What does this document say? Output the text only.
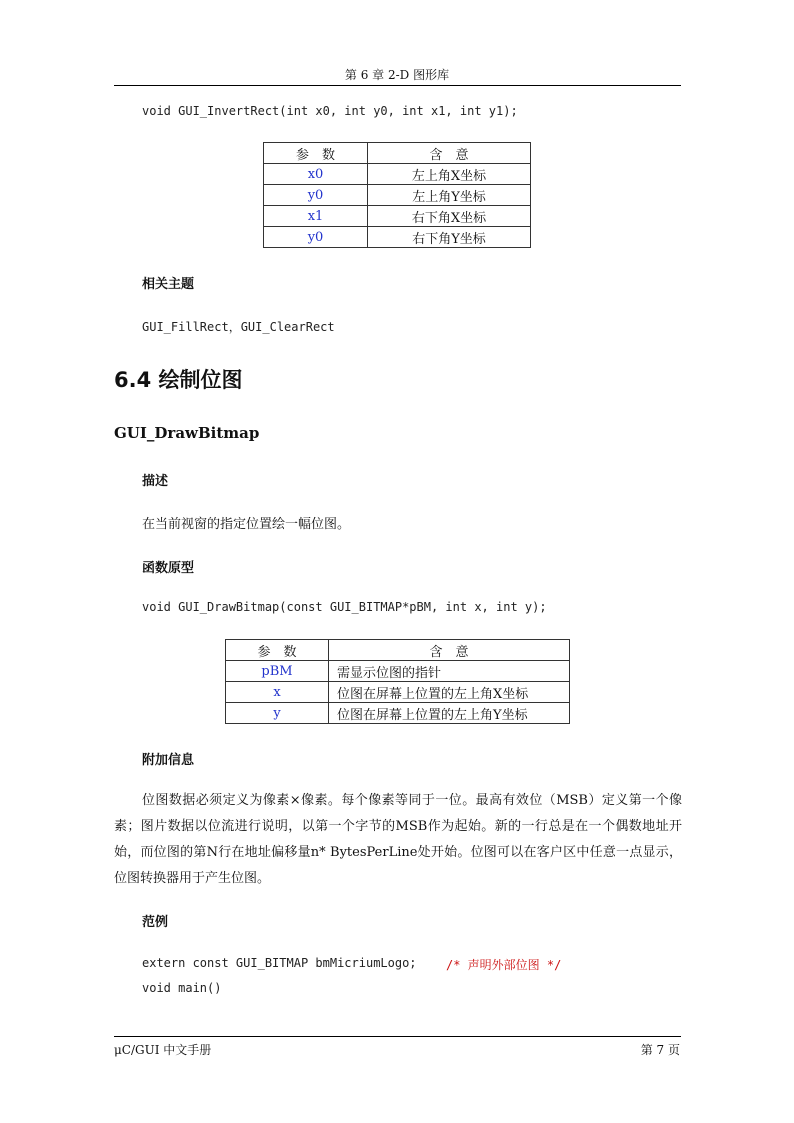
第 6 章 2-D 图形库
void GUI_InvertRect(int x0, int y0, int x1, int y1);
参　数	含　意
x0	左上角X坐标
y0	左上角Y坐标
x1	右下角X坐标
y0	右下角Y坐标
相关主题
GUI_FillRect，GUI_ClearRect
6.4 绘制位图
GUI_DrawBitmap
描述
在当前视窗的指定位置绘一幅位图。
函数原型
void GUI_DrawBitmap(const GUI_BITMAP*pBM, int x, int y);
参　数	含　意
pBM	需显示位图的指针
x	位图在屏幕上位置的左上角X坐标
y	位图在屏幕上位置的左上角Y坐标
附加信息
位图数据必须定义为像素×像素。每个像素等同于一位。最高有效位（MSB）定义第一个像素；图片数据以位流进行说明，以第一个字节的MSB作为起始。新的一行总是在一个偶数地址开始，而位图的第N行在地址偏移量n* BytesPerLine处开始。位图可以在客户区中任意一点显示，位图转换器用于产生位图。
范例
extern const GUI_BITMAP bmMicriumLogo; /* 声明外部位图 */
void main()
μC/GUI 中文手册	第 7 页
